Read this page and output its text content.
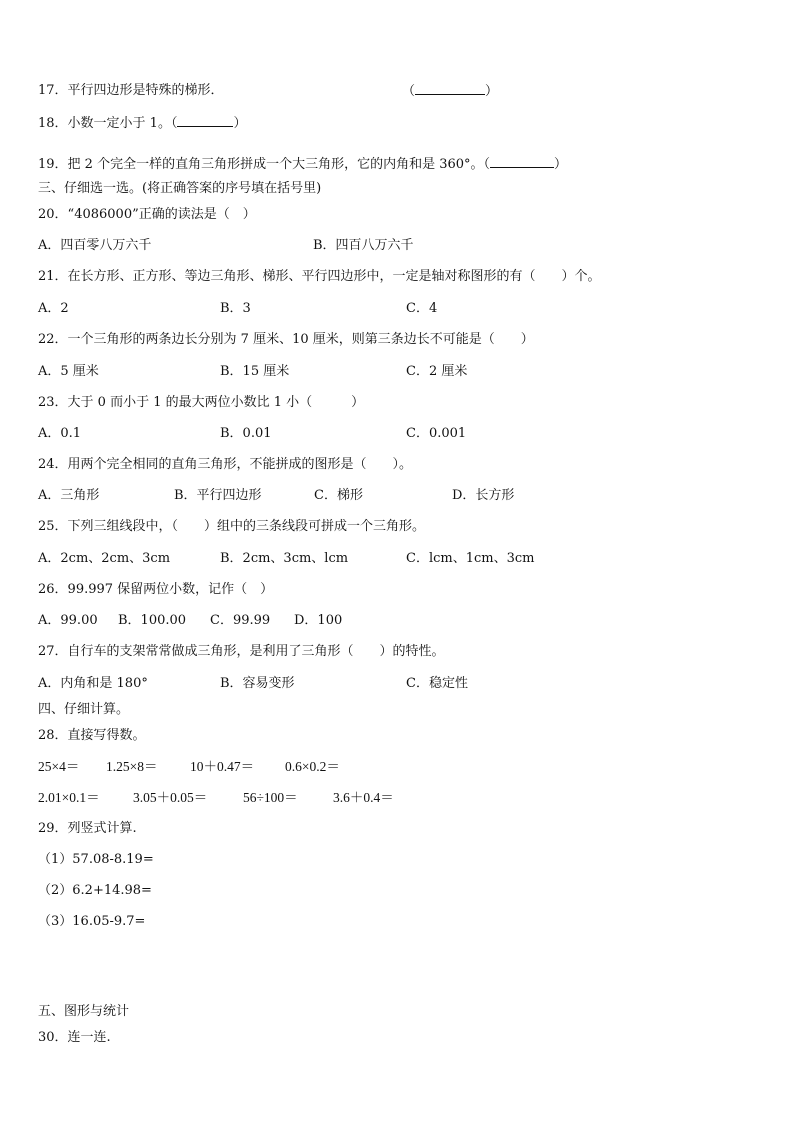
17．平行四边形是特殊的梯形．	（	）
18．小数一定小于 1。（	）
19．把 2 个完全一样的直角三角形拼成一个大三角形，它的内角和是 360°。（	）
三、仔细选一选。(将正确答案的序号填在括号里)
20．“4086000”正确的读法是（　）
A．四百零八万六千	B．四百八万六千
21．在长方形、正方形、等边三角形、梯形、平行四边形中，一定是轴对称图形的有（　　）个。
A．2	B．3	C．4
22．一个三角形的两条边长分别为 7 厘米、10 厘米，则第三条边长不可能是（　　）
A．5 厘米	B．15 厘米	C．2 厘米
23．大于 0 而小于 1 的最大两位小数比 1 小（　　　）
A．0.1	B．0.01	C．0.001
24．用两个完全相同的直角三角形，不能拼成的图形是（　　）。
A．三角形	B．平行四边形	C．梯形	D．长方形
25．下列三组线段中，（　　）组中的三条线段可拼成一个三角形。
A．2cm、2cm、3cm	B．2cm、3cm、lcm	C．lcm、1cm、3cm
26．99.997 保留两位小数，记作（　）
A．99.00 B．100.00 C．99.99 D．100
27．自行车的支架常常做成三角形，是利用了三角形（　　）的特性。
A．内角和是 180°	B．容易变形	C．稳定性
四、仔细计算。
28．直接写得数。
25×4＝ 1.25×8＝ 10＋0.47＝ 0.6×0.2＝
2.01×0.1＝ 3.05＋0.05＝	56÷100＝	3.6＋0.4＝
29．列竖式计算.
（1）57.08-8.19=
（2）6.2+14.98=
（3）16.05-9.7=
五、图形与统计
30．连一连.
